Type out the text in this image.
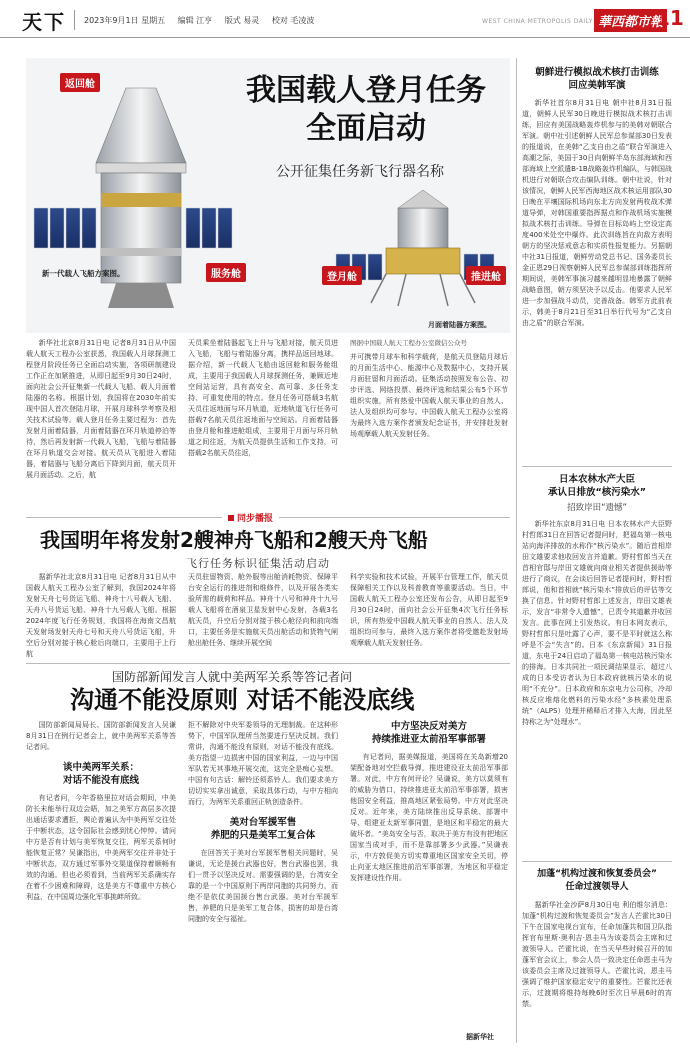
天下 2023年9月1日 星期五 编辑 江亨 版式 易灵 校对 毛凌波	WEST CHINA METROPOLIS DAILY 華西都市報
11
我国载人登月任务
全面启动
公开征集任务新飞行器名称
返回舱
服务舱	登月舱	推进舱
新一代载人飞船方案图。
月面着陆器方案图。

新华社北京8月31日电 记者8月31日从中国载人航天工程办公室获悉，我国载人月球探测工程登月阶段任务已全面启动实施，各项研制建设工作正在加紧推进，从即日起至9月30日24时，面向社会公开征集新一代载人飞船、载人月面着陆器的名称。根据计划，我国将在2030年前实现中国人首次登陆月球，开展月球科学考察及相关技术试验等。载人登月任务主要过程为：首先发射月面着陆器，月面着陆器在环月轨道停泊等待，然后再发射新一代载人飞船，飞船与着陆器在环月轨道交会对接。航天员从飞船进入着陆器，着陆器与飞船分离后下降到月面，航天员开展月面活动。之后，航

天员乘坐着陆器起飞上升与飞船对接，航天员进入飞船，飞船与着陆器分离，携样品返回地球。据介绍，新一代载人飞船由返回舱和服务舱组成，主要用于我国载人月球探测任务，兼顾近地空间站运营，具有高安全、高可靠、多任务支持、可重复使用的特点。登月任务可搭载3名航天员往返地面与环月轨道，近地轨道飞行任务可搭载7名航天员往返地面与空间站。月面着陆器由登月舱和推进舱组成，主要用于月面与环月轨道之间往返，为航天员提供生活和工作支持，可搭载2名航天员往返，

图据中国载人航天工程办公室微信公众号

并可携带月球车和科学载荷，是航天员登陆月球后的月面生活中心、能源中心及数据中心，支持开展月面驻留和月面活动。征集活动按照发布公告、初步评选、网络投票、最终评选和结果公布5个环节组织实施，所有热爱中国载人航天事业的自然人、法人及组织均可参与。中国载人航天工程办公室将为最终入选方案作者颁发纪念证书，并安排赴发射场观摩载人航天发射任务。

同步播报
我国明年将发射2艘神舟飞船和2艘天舟飞船
飞行任务标识征集活动启动

据新华社北京8月31日电 记者8月31日从中国载人航天工程办公室了解到，我国2024年将发射天舟七号货运飞船、神舟十八号载人飞船、天舟八号货运飞船、神舟十九号载人飞船。根据2024年度飞行任务规划，我国将在海南文昌航天发射场发射天舟七号和天舟八号货运飞船，升空后分别对接于核心舱后向端口，主要用于上行航

天员驻留物资、舱外服等出舱消耗物资、保障平台安全运行的推进剂和维修件，以及开展各类实验所需的载荷和样品。神舟十八号和神舟十九号载人飞船将在酒泉卫星发射中心发射，各载3名航天员，升空后分别对接于核心舱径向和前向端口，主要任务是实施航天员出舱活动和货物气闸舱出舱任务、继续开展空间

科学实验和技术试验，开展平台管理工作，航天员保障相关工作以及科普教育等重要活动。当日，中国载人航天工程办公室还发布公告，从即日起至9月30日24时，面向社会公开征集4次飞行任务标识，所有热爱中国载人航天事业的自然人、法人及组织均可参与，最终入选方案作者将受邀赴发射场观摩载人航天发射任务。

国防部新闻发言人就中美两军关系等答记者问
沟通不能没原则 对话不能没底线

国防部新闻局局长、国防部新闻发言人吴谦8月31日在例行记者会上，就中美两军关系等答记者问。

谈中美两军关系：
对话不能没有底线

有记者问，今年香格里拉对话会期间，中美防长未能举行双边会晤，加之美军方高层多次提出通话要求遭拒，舆论普遍认为中美两军交往处于中断状态，这令国际社会感到忧心忡忡。请问中方是否有计划与美军恢复交往，两军关系何时能恢复正常？吴谦指出，中美两军交往并非处于中断状态，双方通过军事外交渠道保持着顺畅有效的沟通。但也必须看到，当前两军关系确实存在着不少困难和障碍，这是美方不尊重中方核心利益、在中国周边强化军事挑衅所致。

拒不解除对中央军委领导的无理制裁。在这种形势下，中国军队理所当然要进行坚决反制。我们常讲，沟通不能没有原则，对话不能没有底线。美方指望一边损害中国的国家利益，一边与中国军队若无其事地开展交流，这完全是痴心妄想。中国有句古话：解铃还须系铃人。我们要求美方切切实实拿出诚意，采取具体行动，与中方相向而行，为两军关系重回正轨创造条件。

美对台军援军售
养肥的只是美军工复合体

在回答关于美对台军援军售相关问题时，吴谦说，无论是援台武器也好，售台武器也罢，我们一贯予以坚决反对。需要强调的是，台湾安全靠的是一个中国原则下两岸同胞的共同努力，而绝不是依仗美国援台售台武器。美对台军援军售，养肥的只是美军工复合体，损害的却是台湾同胞的安全与福祉。

中方坚决反对美方
持续推进亚太前沿军事部署

有记者问，据美媒报道，美国将在关岛新增20架配备地对空拦截导弹，推进建设亚太前沿军事部署。对此，中方有何评论？吴谦说，美方以莫须有的威胁为借口，持续推进亚太前沿军事部署，损害他国安全利益，推高地区紧张局势。中方对此坚决反对。近年来，美方陆续推出反导系统、部署中导、组建亚太新军事同盟，是地区和平稳定的最大破坏者。“美岛安全与否，取决于美方有没有把地区国家当成对手，而不是靠部署多少武器。”吴谦表示，中方敦促美方切实尊重地区国家安全关切，停止向亚太地区推进前沿军事部署，为地区和平稳定发挥建设性作用。

据新华社
朝鲜进行模拟战术核打击训练
回应美韩军演

新华社首尔8月31日电 朝中社8月31日报道，朝鲜人民军30日晚进行模拟战术核打击训练，回应有美国战略轰炸机参与的美韩对朝联合军演。朝中社引述朝鲜人民军总参谋部30日发表的报道说，在美韩“乙支自由之盾”联合军演进入高潮之际，美国于30日向朝鲜半岛东部海域和西部海域上空派遣B-1B战略轰炸机编队，与韩国战机进行对朝联合攻击编队训练。朝中社说，针对该情况，朝鲜人民军西海地区战术核运用部队30日晚在平壤国际机场向东北方向发射两枚战术弹道导弹，对韩国重要指挥据点和作战机场实施模拟战术核打击训练。导弹在目标岛屿上空设定高度400米处空中爆炸。此次训练旨在向敌方表明朝方的坚决惩戒意志和实质性报复能力。另据朝中社31日报道，朝鲜劳动党总书记、国务委员长金正恩29日视察朝鲜人民军总参谋部训练指挥所期间说，美韩军事演习越来越明显地暴露了朝鲜战略意图，朝方须坚决予以反击。他要求人民军进一步加强战斗动员，完善战备。韩军方此前表示，韩美于8月21日至31日举行代号为“乙支自由之盾”的联合军演。

日本农林水产大臣
承认日排放“核污染水”
招致岸田“遗憾”

新华社东京8月31日电 日本农林水产大臣野村哲郎31日在回答记者提问时，把福岛第一核电站向海洋排放的水称作“核污染水”。随后首相岸田文雄要求他收回发言并道歉。野村哲郎当天在首相官邸与岸田文雄就向商业相关者提供援助等进行了商议，在会谈后回答记者提问时，野村哲郎说，他和首相就“核污染水”排放后的评估等交换了信息。针对野村哲郎上述发言，岸田文雄表示，发言“非常令人遗憾”，已责令其道歉并收回发言。此事在网上引发热议。有日本网友表示，野村哲郎只是吐露了心声，要不是平时就这么称呼是不会“失言”的。日本《东京新闻》31日报道，东电于24日启动了福岛第一核电站核污染水的排海。日本共同社一项民调结果显示，超过八成的日本受访者认为日本政府就核污染水的说明“不充分”。日本政府和东京电力公司称，冷却核反应堆熔化燃料的污染水经“多核素处理系统”（ALPS）处理并稀释后才排入大海，因此坚持称之为“处理水”。

加蓬“机构过渡和恢复委员会”
任命过渡领导人

据新华社金沙萨8月30日电 利伯维尔消息：加蓬“机构过渡和恢复委员会”发言人芒霍比30日下午在国家电视台宣布，任命加蓬共和国卫队指挥官布里斯·奥利吉·恩圭马为该委员会主席和过渡领导人。芒霍比说，在当天早些时候召开的加蓬军官会议上，参会人员一致决定任命恩圭马为该委员会主席及过渡领导人。芒霍比说，恩圭马强调了维护国家稳定安宁的重要性。芒霍比还表示，过渡期将维持每晚6时至次日早晨6时的宵禁。
